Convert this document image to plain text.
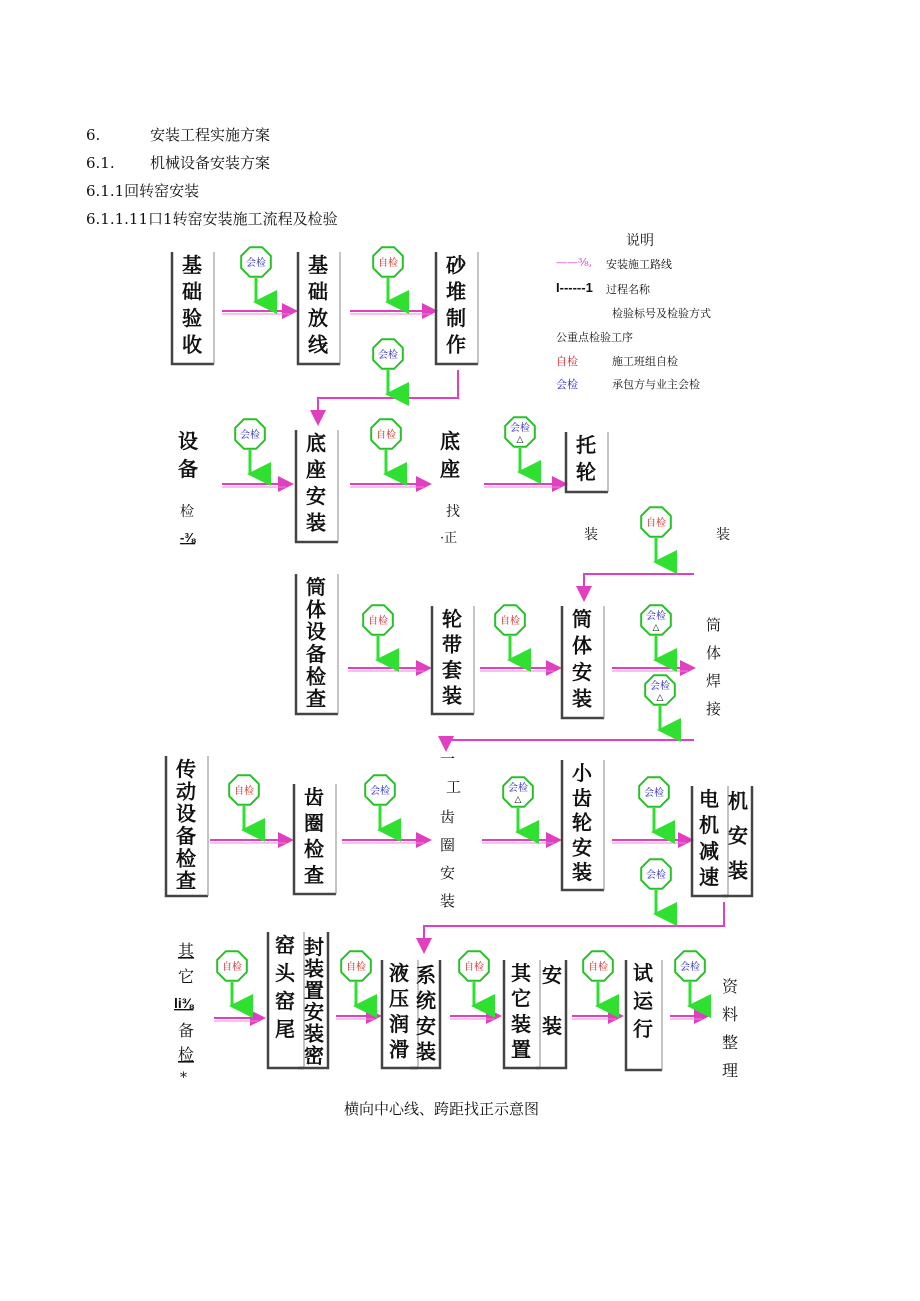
6.	安装工程实施方案
6.1. 机械设备安装方案
6.1.1回转窑安装
6.1.1.11口1转窑安装施工流程及检验
说明
——⅜, 安装施工路线
I------1 过程名称
检验标号及检验方式
公重点检验工序
自检	施工班组自检
会检	承包方与业主会检
会检	自检
会检
会检	自检
会检
△
自检
自检	自检	会检
△
会检
△
自检	会检	会检
△
会检
会检
自检	自检	自检	自检	会检
基
础
验
收
基
础
放
线
砂
堆
制
作
底
座
安
装
托
轮
筒
体
设
备
检
查
轮
带
套
装
筒
体
安
装
传
动
设
备
检
查
齿
圈
检
查
小
齿
轮
安
装
电
机
减
速
窑
头
窑
尾
液
压
润
滑
其
它
装
置
试
运
行
机
安
装
封
装
置
安
装
密
系
统
安
装
安
装
设
备
检
-⅜
底
座
找
·正	装	装
筒
体
焊
接
一
工
齿
圈
安
装
其
它
li⅜
备
检
*
资
料
整
理
横向中心线、跨距找正示意图
